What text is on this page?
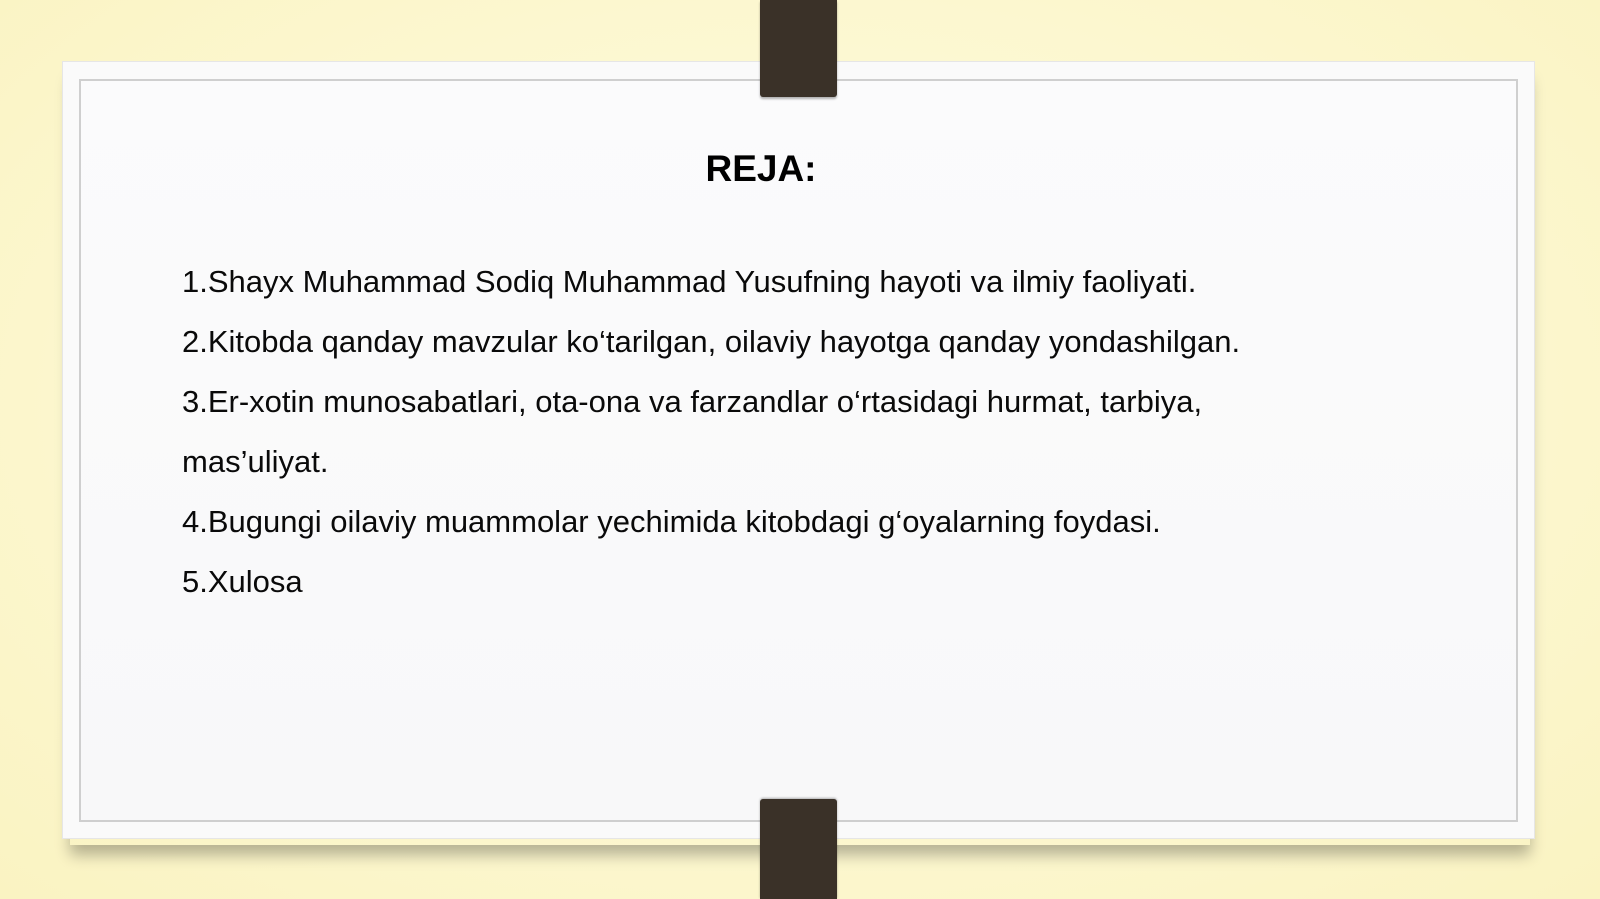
REJA:
1.Shayx Muhammad Sodiq Muhammad Yusufning hayoti va ilmiy faoliyati.
2.Kitobda qanday mavzular ko‘tarilgan, oilaviy hayotga qanday yondashilgan.
3.Er-xotin munosabatlari, ota-ona va farzandlar o‘rtasidagi hurmat, tarbiya, mas’uliyat.
4.Bugungi oilaviy muammolar yechimida kitobdagi g‘oyalarning foydasi.
5.Xulosa
